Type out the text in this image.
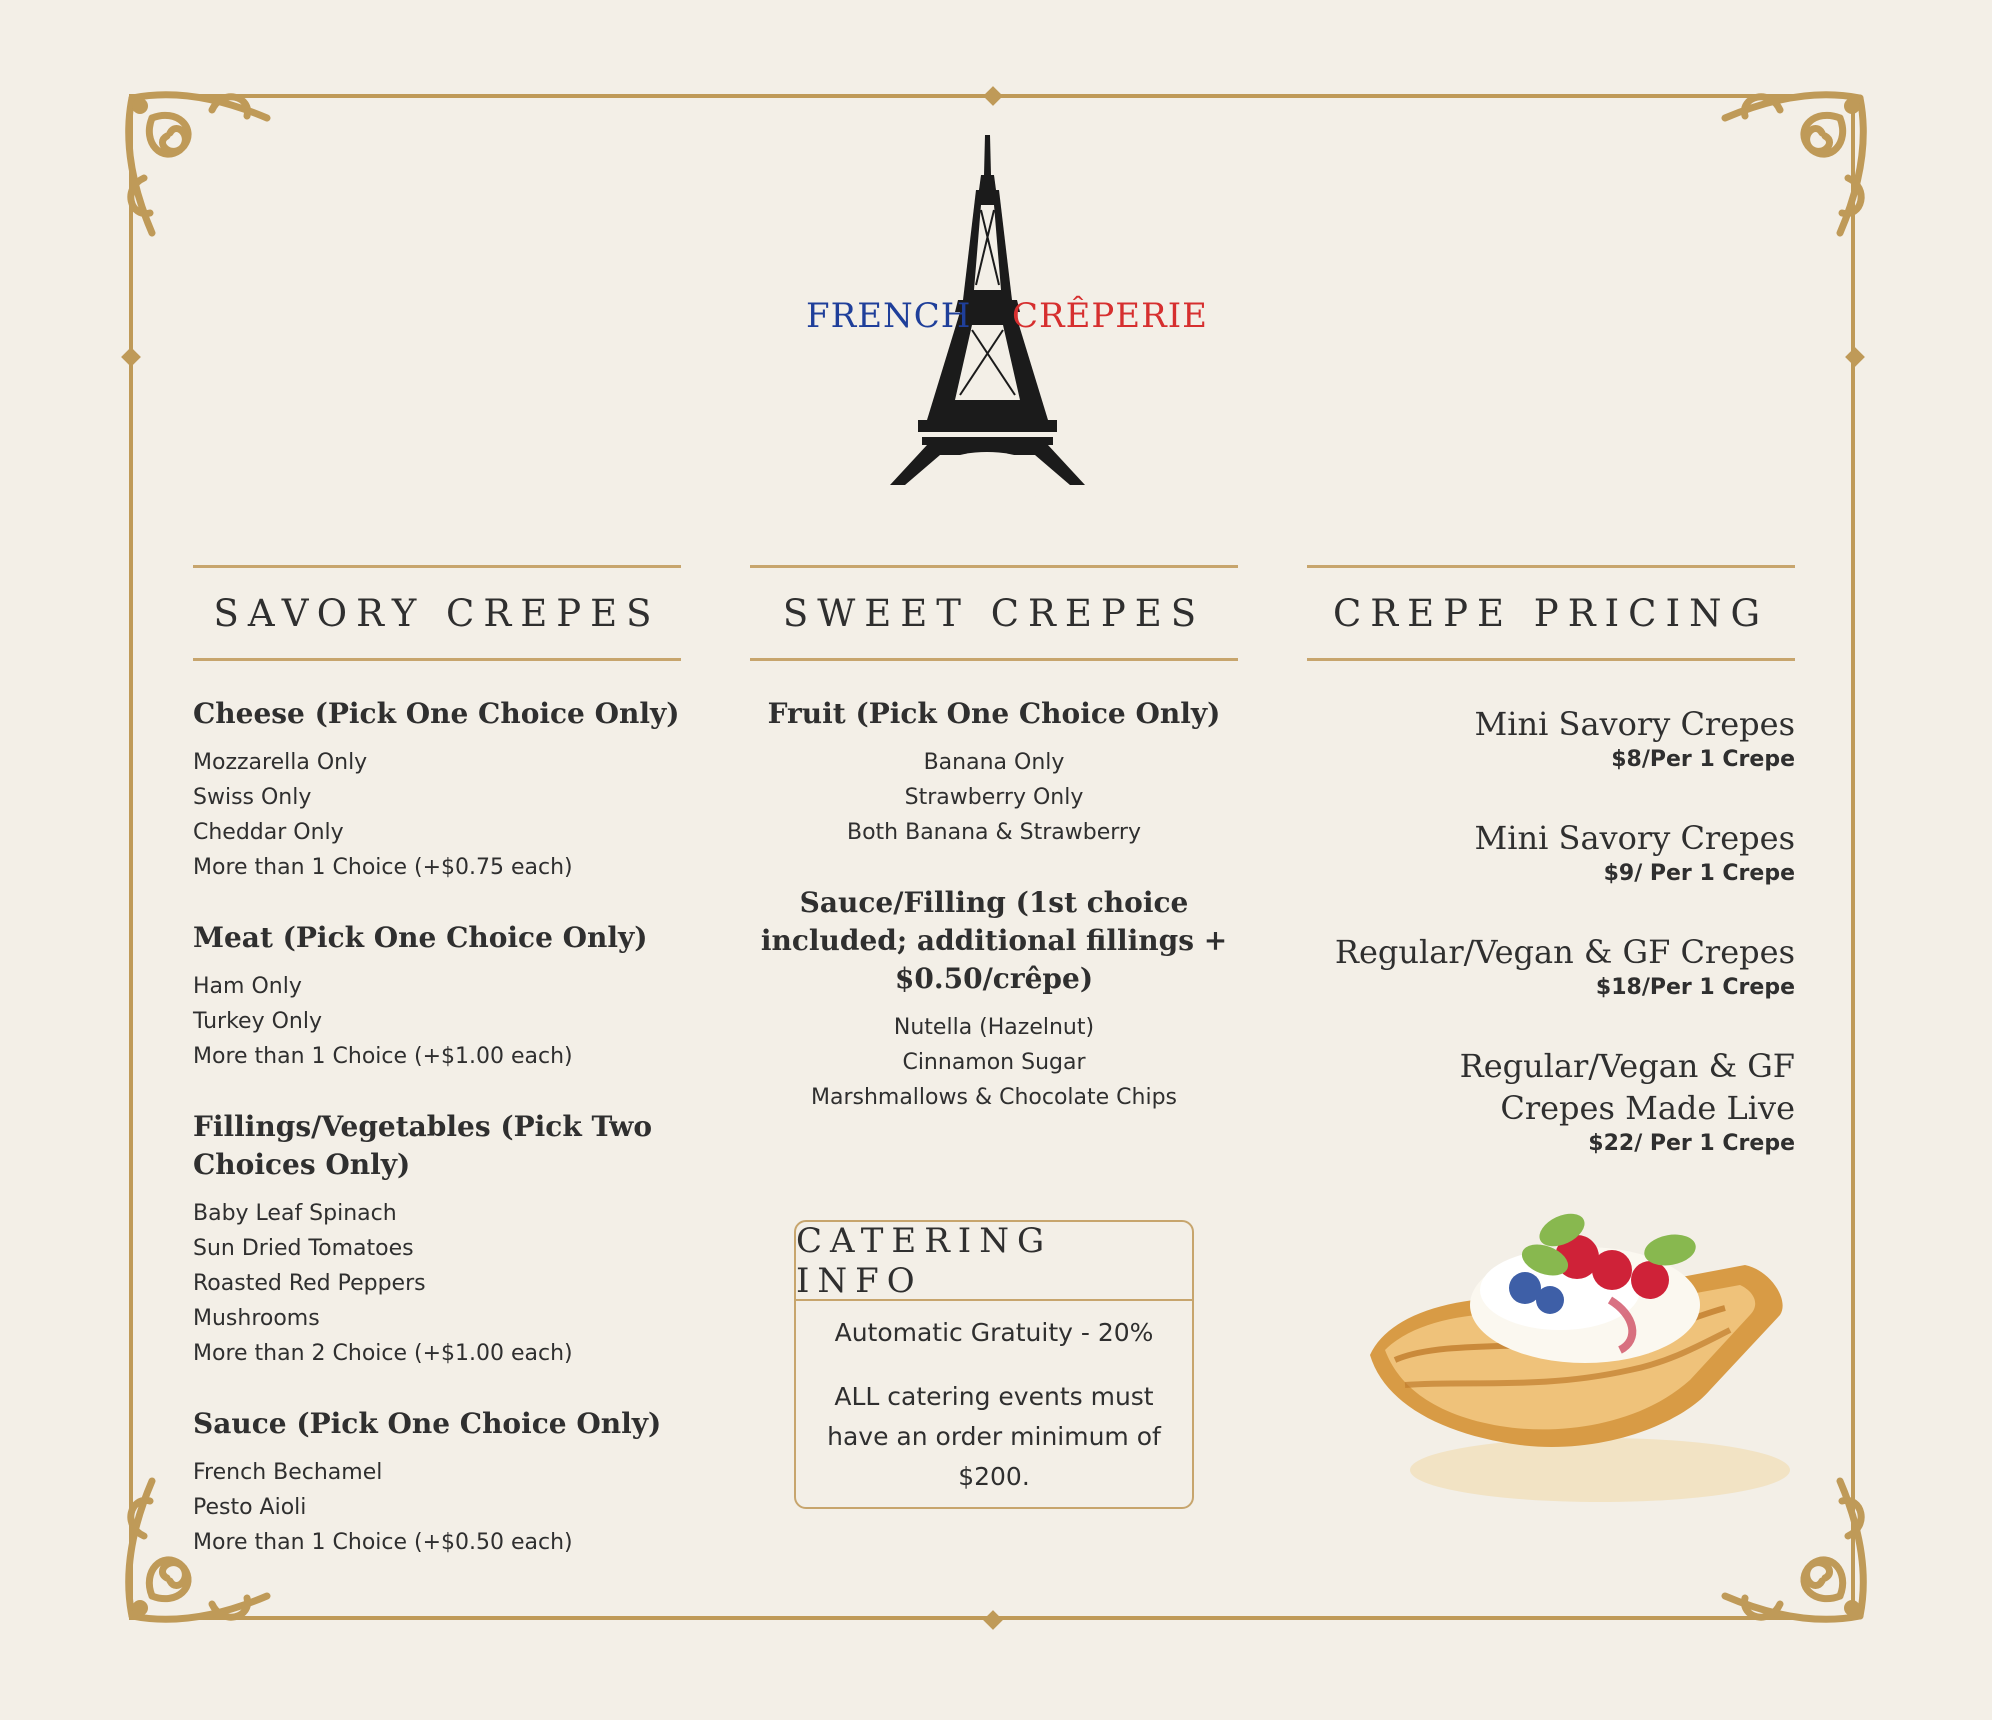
FRENCH CRÊPERIE
SAVORY CREPES
Cheese (Pick One Choice Only)
Mozzarella Only
Swiss Only
Cheddar Only
More than 1 Choice (+$0.75 each)
Meat (Pick One Choice Only)
Ham Only
Turkey Only
More than 1 Choice (+$1.00 each)
Fillings/Vegetables (Pick Two Choices Only)
Baby Leaf Spinach
Sun Dried Tomatoes
Roasted Red Peppers
Mushrooms
More than 2 Choice (+$1.00 each)
Sauce (Pick One Choice Only)
French Bechamel
Pesto Aioli
More than 1 Choice (+$0.50 each)
SWEET CREPES
Fruit (Pick One Choice Only)
Banana Only
Strawberry Only
Both Banana & Strawberry
Sauce/Filling (1st choice included; additional fillings + $0.50/crêpe)
Nutella (Hazelnut)
Cinnamon Sugar
Marshmallows & Chocolate Chips
CATERING INFO
Automatic Gratuity - 20%
ALL catering events must have an order minimum of $200.
CREPE PRICING
Mini Savory Crepes
$8/Per 1 Crepe
Mini Savory Crepes
$9/ Per 1 Crepe
Regular/Vegan & GF Crepes
$18/Per 1 Crepe
Regular/Vegan & GF Crepes Made Live
$22/ Per 1 Crepe
